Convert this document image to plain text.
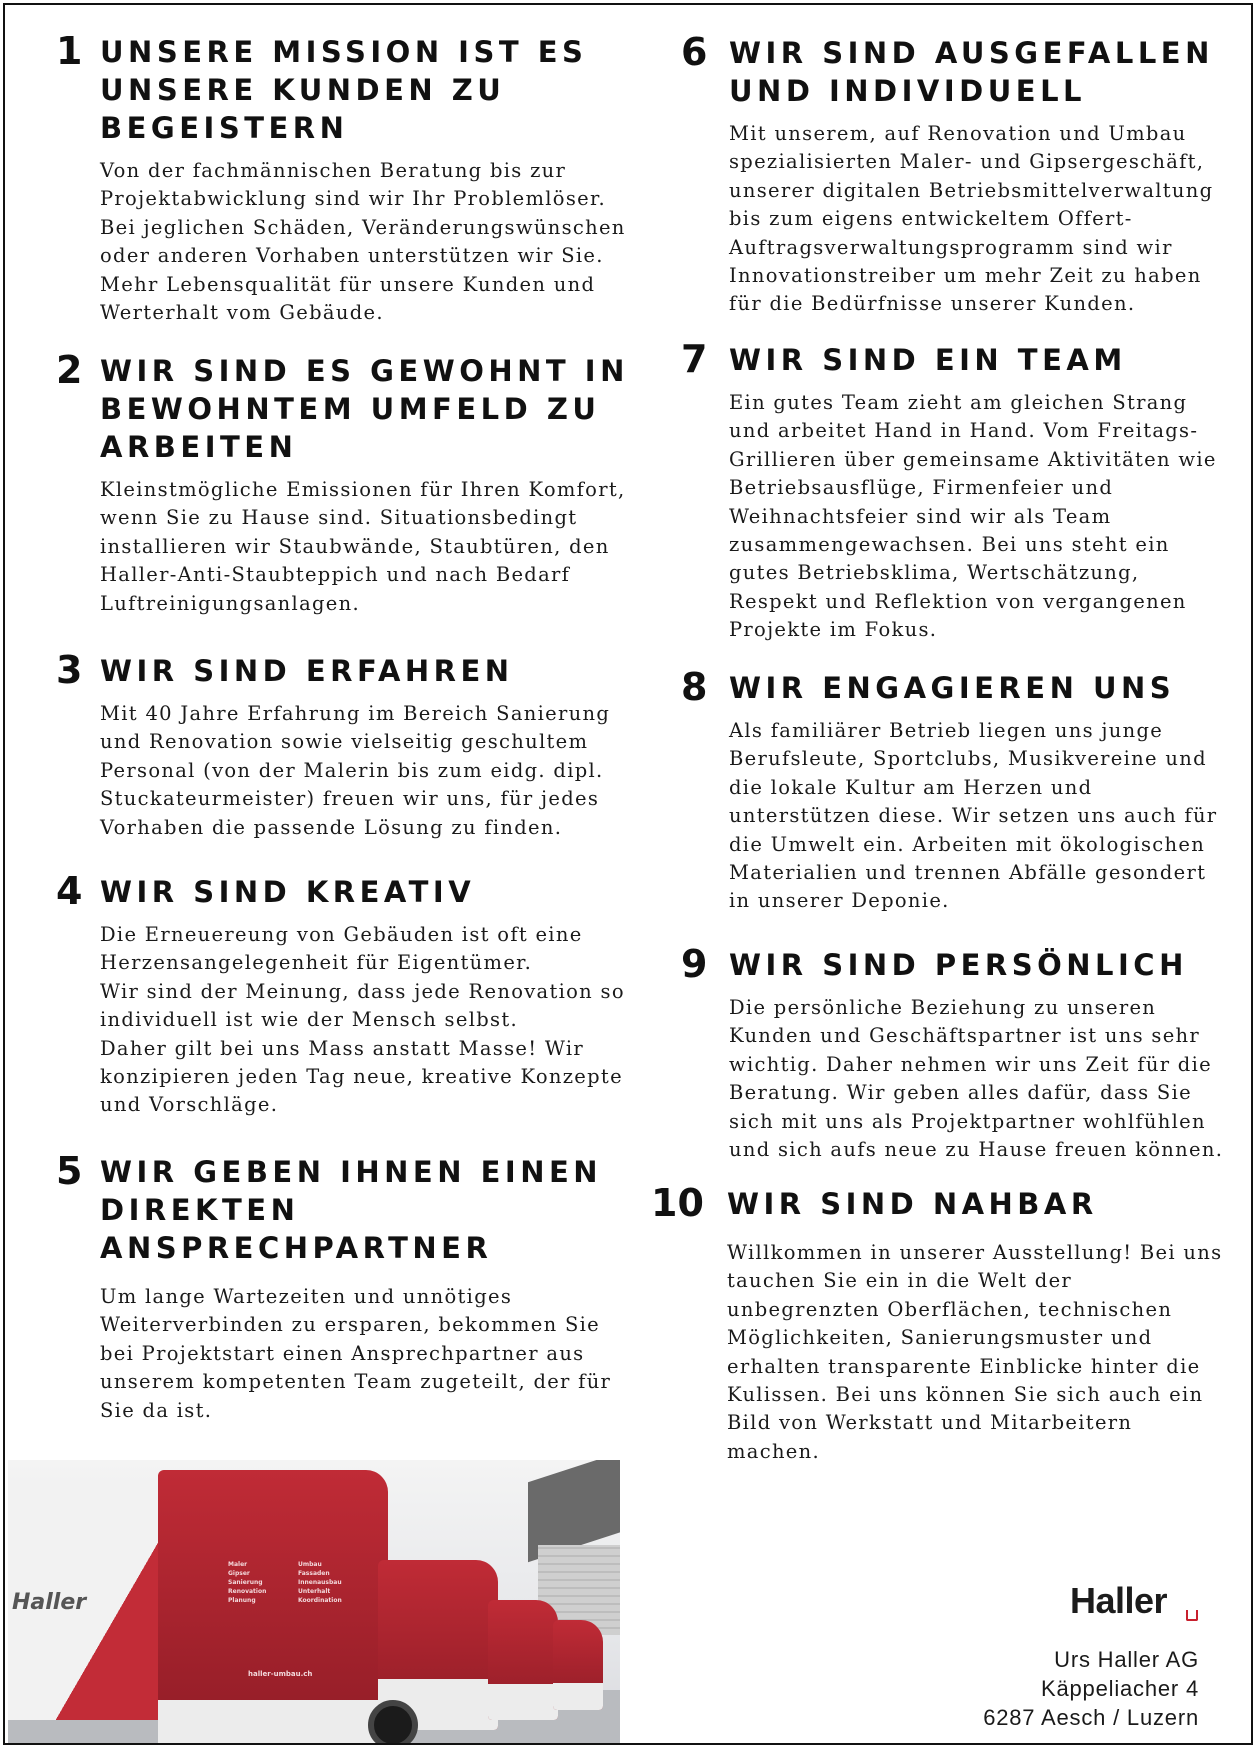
1 UNSERE MISSION IST ES UNSERE KUNDEN ZU BEGEISTERN

Von der fachmännischen Beratung bis zur Projektabwicklung sind wir Ihr Problemlöser. Bei jeglichen Schäden, Veränderungswünschen oder anderen Vorhaben unterstützen wir Sie. Mehr Lebensqualität für unsere Kunden und Werterhalt vom Gebäude.

2 WIR SIND ES GEWOHNT IN BEWOHNTEM UMFELD ZU ARBEITEN

Kleinstmögliche Emissionen für Ihren Komfort, wenn Sie zu Hause sind. Situationsbedingt installieren wir Staubwände, Staubtüren, den Haller-Anti-Staubteppich und nach Bedarf Luftreinigungsanlagen.

3 WIR SIND ERFAHREN

Mit 40 Jahre Erfahrung im Bereich Sanierung und Renovation sowie vielseitig geschultem Personal (von der Malerin bis zum eidg. dipl. Stuckateurmeister) freuen wir uns, für jedes Vorhaben die passende Lösung zu finden.

4 WIR SIND KREATIV

Die Erneuereung von Gebäuden ist oft eine Herzensangelegenheit für Eigentümer.
Wir sind der Meinung, dass jede Renovation so individuell ist wie der Mensch selbst.
Daher gilt bei uns Mass anstatt Masse! Wir konzipieren jeden Tag neue, kreative Konzepte und Vorschläge.

5 WIR GEBEN IHNEN EINEN DIREKTEN ANSPRECHPARTNER

Um lange Wartezeiten und unnötiges Weiterverbinden zu ersparen, bekommen Sie bei Projektstart einen Ansprechpartner aus unserem kompetenten Team zugeteilt, der für Sie da ist.

6 WIR SIND AUSGEFALLEN UND INDIVIDUELL

Mit unserem, auf Renovation und Umbau spezialisierten Maler- und Gipsergeschäft, unserer digitalen Betriebsmittelverwaltung bis zum eigens entwickeltem Offert-Auftragsverwaltungsprogramm sind wir Innovationstreiber um mehr Zeit zu haben für die Bedürfnisse unserer Kunden.

7 WIR SIND EIN TEAM

Ein gutes Team zieht am gleichen Strang und arbeitet Hand in Hand. Vom Freitags-Grillieren über gemeinsame Aktivitäten wie Betriebsausflüge, Firmenfeier und Weihnachtsfeier sind wir als Team zusammengewachsen. Bei uns steht ein gutes Betriebsklima, Wertschätzung, Respekt und Reflektion von vergangenen Projekte im Fokus.

8 WIR ENGAGIEREN UNS

Als familiärer Betrieb liegen uns junge Berufsleute, Sportclubs, Musikvereine und die lokale Kultur am Herzen und unterstützen diese. Wir setzen uns auch für die Umwelt ein. Arbeiten mit ökologischen Materialien und trennen Abfälle gesondert in unserer Deponie.

9 WIR SIND PERSÖNLICH

Die persönliche Beziehung zu unseren Kunden und Geschäftspartner ist uns sehr wichtig. Daher nehmen wir uns Zeit für die Beratung. Wir geben alles dafür, dass Sie sich mit uns als Projektpartner wohlfühlen und sich aufs neue zu Hause freuen können.

10 WIR SIND NAHBAR

Willkommen in unserer Ausstellung! Bei uns tauchen Sie ein in die Welt der unbegrenzten Oberflächen, technischen Möglichkeiten, Sanierungsmuster und erhalten transparente Einblicke hinter die Kulissen. Bei uns können Sie sich auch ein Bild von Werkstatt und Mitarbeitern machen.

Haller
Maler
Gipser
Sanierung
Renovation
Planung
Umbau
Fassaden
Innenausbau
Unterhalt
Koordination
haller-umbau.ch
Haller
Urs Haller AG
Käppeliacher 4
6287 Aesch / Luzern
